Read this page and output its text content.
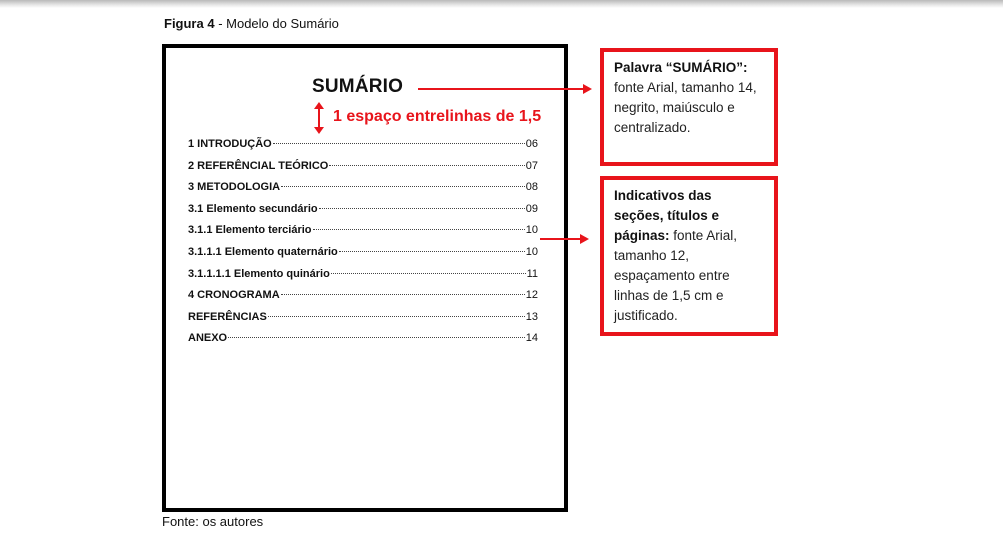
Figura 4 - Modelo do Sumário
SUMÁRIO
1 espaço entrelinhas de 1,5
1 INTRODUÇÃO	06
2 REFERÊNCIAL TEÓRICO	07
3 METODOLOGIA	08
3.1 Elemento secundário	09
3.1.1 Elemento terciário	10
3.1.1.1 Elemento quaternário	10
3.1.1.1.1 Elemento quinário	11
4 CRONOGRAMA	12
REFERÊNCIAS	13
ANEXO	14
Palavra “SUMÁRIO”: fonte Arial, tamanho 14, negrito, maiúsculo e centralizado.
Indicativos das seções, títulos e páginas: fonte Arial, tamanho 12, espaçamento entre linhas de 1,5 cm e justificado.
Fonte: os autores
